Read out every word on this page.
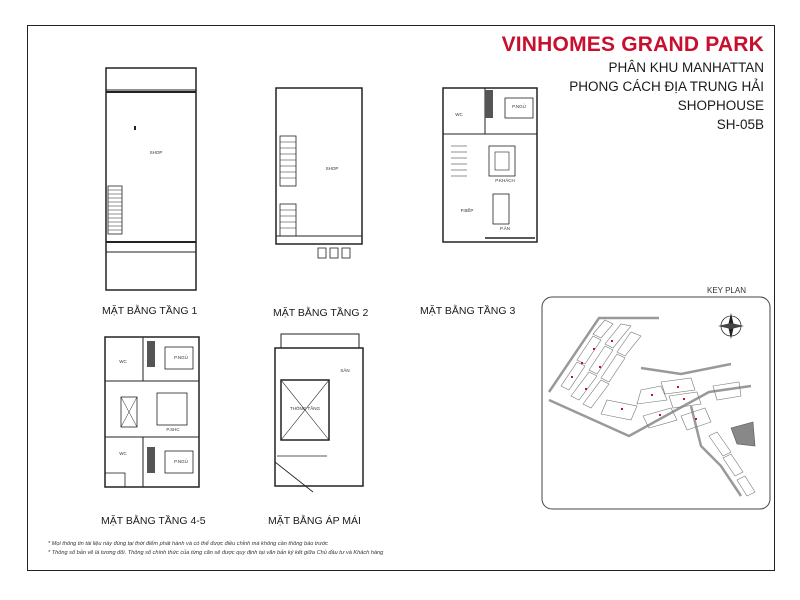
VINHOMES GRAND PARK
PHÂN KHU MANHATTAN
PHONG CÁCH ĐỊA TRUNG HẢI
SHOPHOUSE
SH-05B
SHOP
MẶT BẰNG TẦNG 1
SHOP
MẶT BẰNG TẦNG 2
WC
P.NGỦ
P.KHÁCH
P.BẾP
P.ĂN
MẶT BẰNG TẦNG 3
WC
P.NGỦ
P.SHC
WC
P.NGỦ
MẶT BẰNG TẦNG 4-5
SÂN
THÔNG TẦNG
MẶT BẰNG ÁP MÁI
KEY PLAN
* Mọi thông tin tài liệu này đúng tại thời điểm phát hành và có thể được điều chỉnh mà không cần thông báo trước
* Thông số bản vẽ là tương đối. Thông số chính thức của từng căn sẽ được quy định tại văn bản ký kết giữa Chủ đầu tư và Khách hàng
